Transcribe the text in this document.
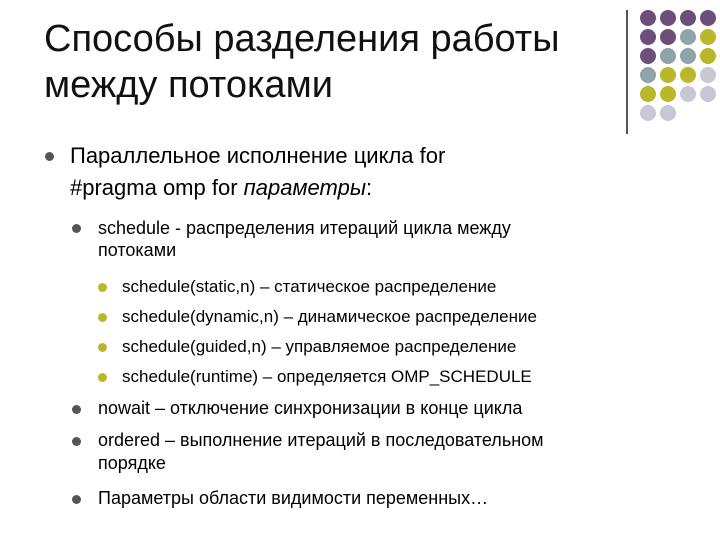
Способы разделения работы
между потоками
Параллельное исполнение цикла for
#pragma omp for параметры:
schedule - распределения итераций цикла между
потоками
schedule(static,n) – статическое распределение
schedule(dynamic,n) – динамическое распределение
schedule(guided,n) – управляемое распределение
schedule(runtime) – определяется OMP_SCHEDULE
nowait – отключение синхронизации в конце цикла
ordered – выполнение итераций в последовательном
порядке
Параметры области видимости переменных…
